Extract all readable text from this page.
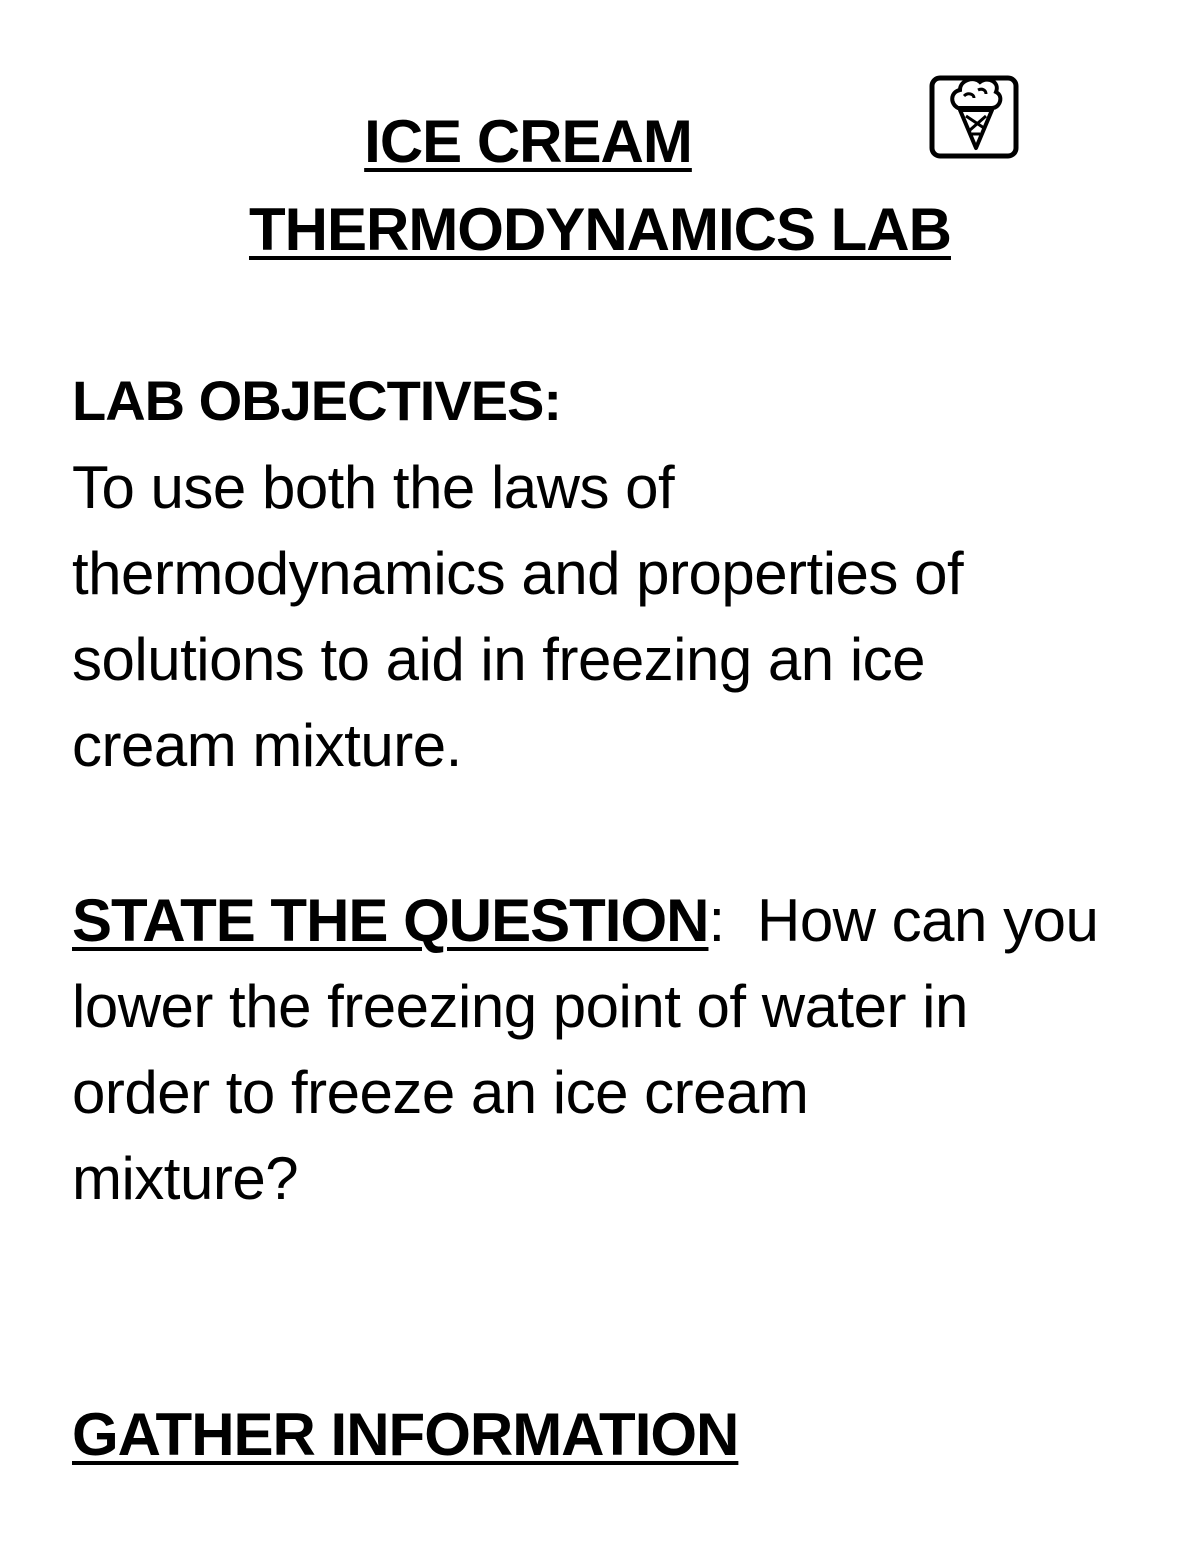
ICE CREAM
THERMODYNAMICS LAB
LAB OBJECTIVES:
To use both the laws of
thermodynamics and properties of
solutions to aid in freezing an ice
cream mixture.
STATE THE QUESTION: How can you
lower the freezing point of water in
order to freeze an ice cream
mixture?
GATHER INFORMATION
